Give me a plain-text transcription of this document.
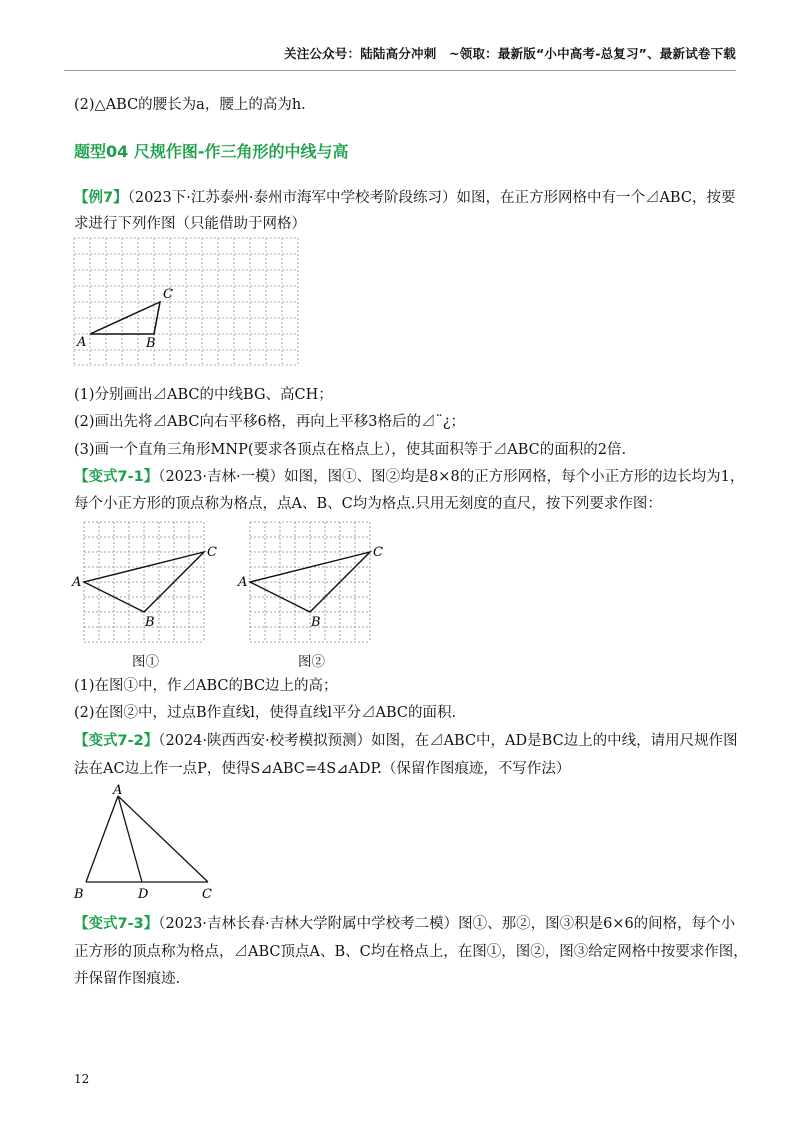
关注公众号：陆陆高分冲刺　~领取：最新版“小中高考-总复习”、最新试卷下载
(2)△ABC的腰长为a，腰上的高为h.
题型04 尺规作图-作三角形的中线与高
【例7】（2023下·江苏泰州·泰州市海军中学校考阶段练习）如图，在正方形网格中有一个⊿ABC，按要
求进行下列作图（只能借助于网格）
A	B
C
(1)分别画出⊿ABC的中线BG、高CH；
(2)画出先将⊿ABC向右平移6格，再向上平移3格后的⊿¨¿；
(3)画一个直角三角形MNP(要求各顶点在格点上），使其面积等于⊿ABC的面积的2倍.
【变式7-1】（2023·吉林·一模）如图，图①、图②均是8×8的正方形网格，每个小正方形的边长均为1，
每个小正方形的顶点称为格点，点A、B、C均为格点.只用无刻度的直尺，按下列要求作图：
A
B
C
A
B
C
图①	图②
(1)在图①中，作⊿ABC的BC边上的高；
(2)在图②中，过点B作直线l，使得直线l平分⊿ABC的面积.
【变式7-2】（2024·陕西西安·校考模拟预测）如图，在⊿ABC中，AD是BC边上的中线，请用尺规作图
法在AC边上作一点P，使得S⊿ABC=4S⊿ADP.（保留作图痕迹，不写作法）
A
B	D	C
【变式7-3】（2023·吉林长春·吉林大学附属中学校考二模）图①、那②，图③积是6×6的间格，每个小
正方形的顶点称为格点，⊿ABC顶点A、B、C均在格点上，在图①，图②，图③给定网格中按要求作图，
并保留作图痕迹.
12
